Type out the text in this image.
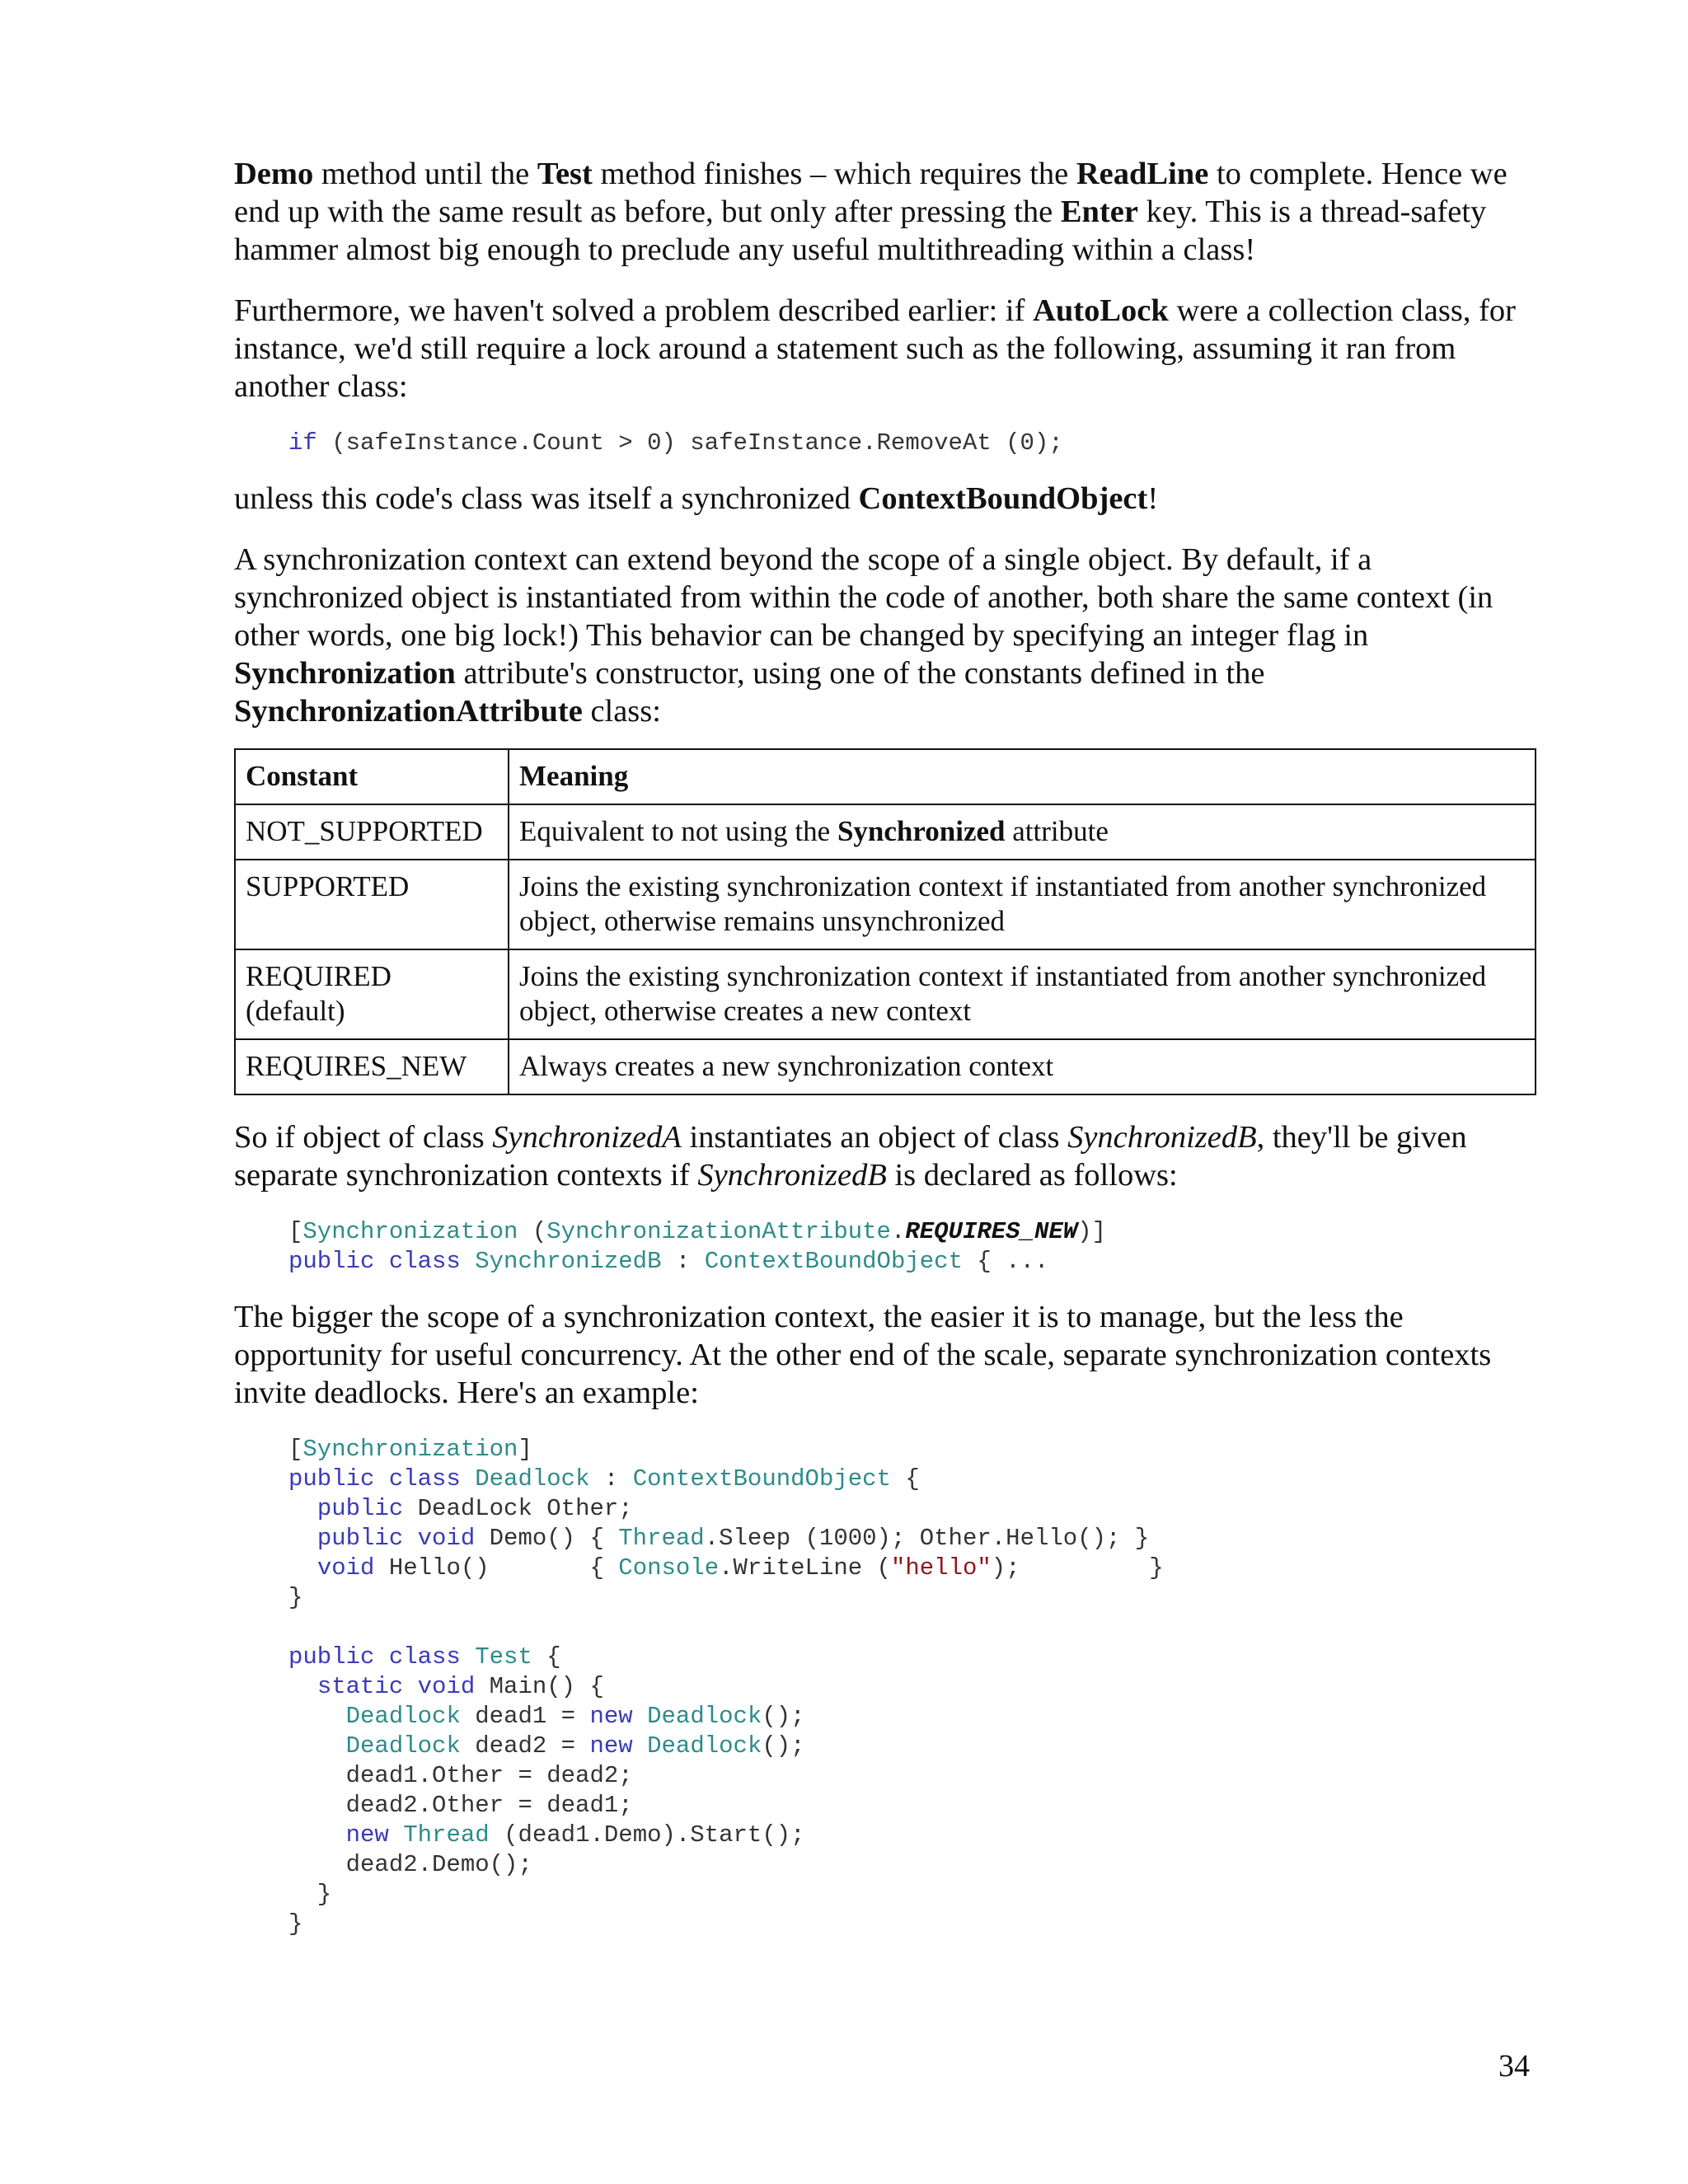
Demo method until the Test method finishes – which requires the ReadLine to complete. Hence we end up with the same result as before, but only after pressing the Enter key. This is a thread-safety hammer almost big enough to preclude any useful multithreading within a class!

Furthermore, we haven't solved a problem described earlier: if AutoLock were a collection class, for instance, we'd still require a lock around a statement such as the following, assuming it ran from another class:

if (safeInstance.Count > 0) safeInstance.RemoveAt (0);

unless this code's class was itself a synchronized ContextBoundObject!

A synchronization context can extend beyond the scope of a single object. By default, if a synchronized object is instantiated from within the code of another, both share the same context (in other words, one big lock!) This behavior can be changed by specifying an integer flag in Synchronization attribute's constructor, using one of the constants defined in the SynchronizationAttribute class:

Constant	Meaning
NOT_SUPPORTED	Equivalent to not using the Synchronized attribute
SUPPORTED	Joins the existing synchronization context if instantiated from another synchronized object, otherwise remains unsynchronized
REQUIRED
(default)	Joins the existing synchronization context if instantiated from another synchronized object, otherwise creates a new context
REQUIRES_NEW	Always creates a new synchronization context

So if object of class SynchronizedA instantiates an object of class SynchronizedB, they'll be given separate synchronization contexts if SynchronizedB is declared as follows:

[Synchronization (SynchronizationAttribute.REQUIRES_NEW)]
public class SynchronizedB : ContextBoundObject { ...

The bigger the scope of a synchronization context, the easier it is to manage, but the less the opportunity for useful concurrency. At the other end of the scale, separate synchronization contexts invite deadlocks. Here's an example:

[Synchronization]
public class Deadlock : ContextBoundObject {
public DeadLock Other;
public void Demo() { Thread.Sleep (1000); Other.Hello(); }
void Hello()       { Console.WriteLine ("hello");         }
}
public class Test {
static void Main() {
Deadlock dead1 = new Deadlock();
Deadlock dead2 = new Deadlock();
dead1.Other = dead2;
dead2.Other = dead1;
new Thread (dead1.Demo).Start();
dead2.Demo();
}
}
34
